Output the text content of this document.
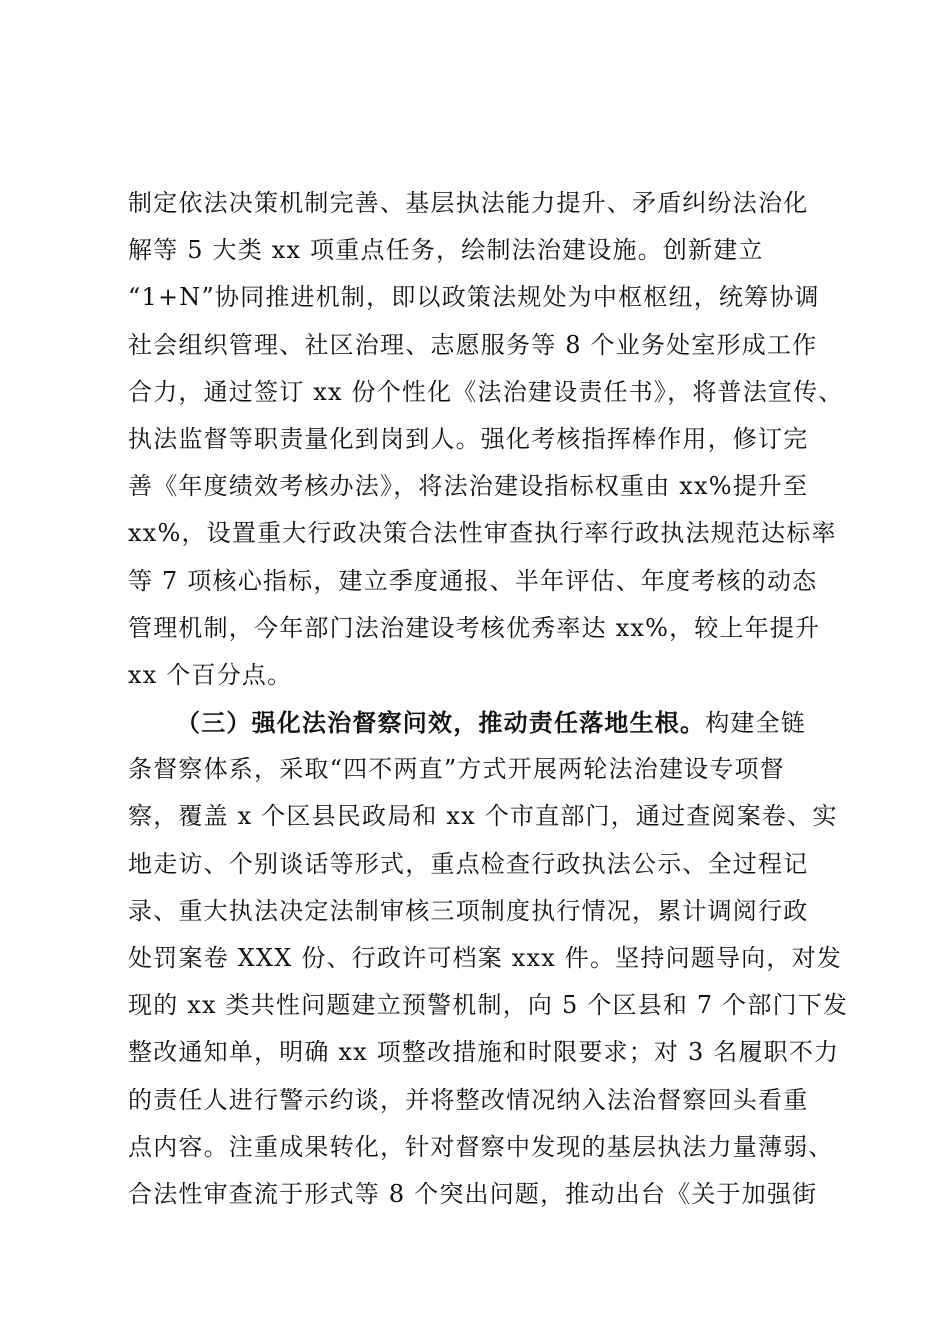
制定依法决策机制完善、基层执法能力提升、矛盾纠纷法治化
解等 5 大类 xx 项重点任务，绘制法治建设施。创新建立
“1+N”协同推进机制，即以政策法规处为中枢枢纽，统筹协调
社会组织管理、社区治理、志愿服务等 8 个业务处室形成工作
合力，通过签订 xx 份个性化《法治建设责任书》，将普法宣传、
执法监督等职责量化到岗到人。强化考核指挥棒作用，修订完
善《年度绩效考核办法》，将法治建设指标权重由 xx%提升至
xx%，设置重大行政决策合法性审查执行率行政执法规范达标率
等 7 项核心指标，建立季度通报、半年评估、年度考核的动态
管理机制，今年部门法治建设考核优秀率达 xx%，较上年提升
xx 个百分点。
（三）强化法治督察问效，推动责任落地生根。构建全链
条督察体系，采取“四不两直”方式开展两轮法治建设专项督
察，覆盖 x 个区县民政局和 xx 个市直部门，通过查阅案卷、实
地走访、个别谈话等形式，重点检查行政执法公示、全过程记
录、重大执法决定法制审核三项制度执行情况，累计调阅行政
处罚案卷 XXX 份、行政许可档案 xxx 件。坚持问题导向，对发
现的 xx 类共性问题建立预警机制，向 5 个区县和 7 个部门下发
整改通知单，明确 xx 项整改措施和时限要求；对 3 名履职不力
的责任人进行警示约谈，并将整改情况纳入法治督察回头看重
点内容。注重成果转化，针对督察中发现的基层执法力量薄弱、
合法性审查流于形式等 8 个突出问题，推动出台《关于加强街
